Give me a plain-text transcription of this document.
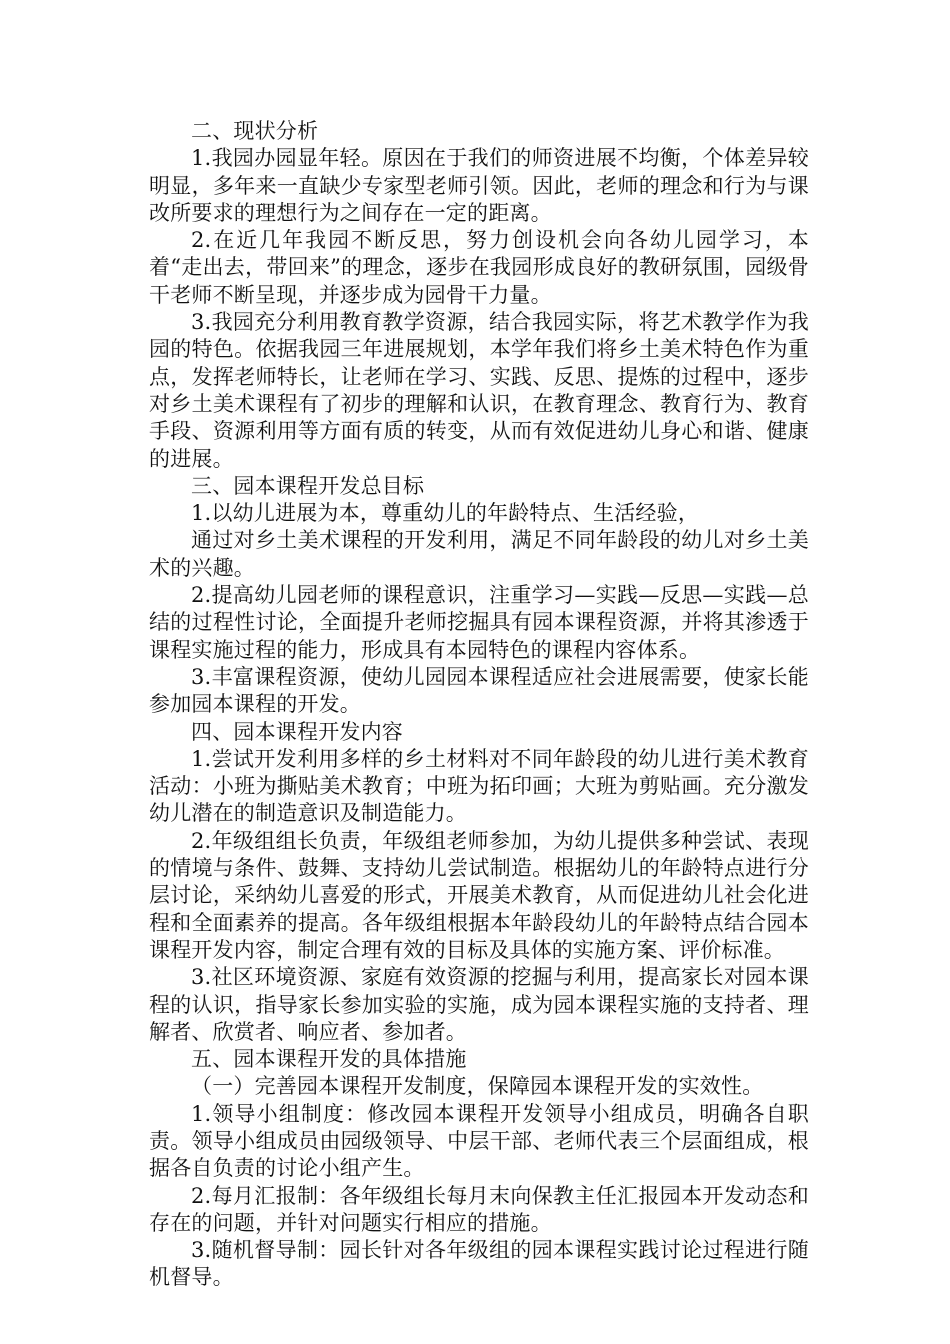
二、现状分析

1.我园办园显年轻。原因在于我们的师资进展不均衡，个体差异较明显，多年来一直缺少专家型老师引领。因此，老师的理念和行为与课改所要求的理想行为之间存在一定的距离。

2.在近几年我园不断反思，努力创设机会向各幼儿园学习，本着“走出去，带回来”的理念，逐步在我园形成良好的教研氛围，园级骨干老师不断呈现，并逐步成为园骨干力量。

3.我园充分利用教育教学资源，结合我园实际，将艺术教学作为我园的特色。依据我园三年进展规划，本学年我们将乡土美术特色作为重点，发挥老师特长，让老师在学习、实践、反思、提炼的过程中，逐步对乡土美术课程有了初步的理解和认识，在教育理念、教育行为、教育手段、资源利用等方面有质的转变，从而有效促进幼儿身心和谐、健康的进展。

三、园本课程开发总目标

1.以幼儿进展为本，尊重幼儿的年龄特点、生活经验，

通过对乡土美术课程的开发利用，满足不同年龄段的幼儿对乡土美术的兴趣。

2.提高幼儿园老师的课程意识，注重学习—实践—反思—实践—总结的过程性讨论，全面提升老师挖掘具有园本课程资源，并将其渗透于课程实施过程的能力，形成具有本园特色的课程内容体系。

3.丰富课程资源，使幼儿园园本课程适应社会进展需要，使家长能参加园本课程的开发。

四、园本课程开发内容

1.尝试开发利用多样的乡土材料对不同年龄段的幼儿进行美术教育活动：小班为撕贴美术教育；中班为拓印画；大班为剪贴画。充分激发幼儿潜在的制造意识及制造能力。

2.年级组组长负责，年级组老师参加，为幼儿提供多种尝试、表现的情境与条件、鼓舞、支持幼儿尝试制造。根据幼儿的年龄特点进行分层讨论，采纳幼儿喜爱的形式，开展美术教育，从而促进幼儿社会化进程和全面素养的提高。各年级组根据本年龄段幼儿的年龄特点结合园本课程开发内容，制定合理有效的目标及具体的实施方案、评价标准。

3.社区环境资源、家庭有效资源的挖掘与利用，提高家长对园本课程的认识，指导家长参加实验的实施，成为园本课程实施的支持者、理解者、欣赏者、响应者、参加者。

五、园本课程开发的具体措施

（一）完善园本课程开发制度，保障园本课程开发的实效性。

1.领导小组制度：修改园本课程开发领导小组成员，明确各自职责。领导小组成员由园级领导、中层干部、老师代表三个层面组成，根据各自负责的讨论小组产生。

2.每月汇报制：各年级组长每月末向保教主任汇报园本开发动态和存在的问题，并针对问题实行相应的措施。

3.随机督导制：园长针对各年级组的园本课程实践讨论过程进行随机督导。
